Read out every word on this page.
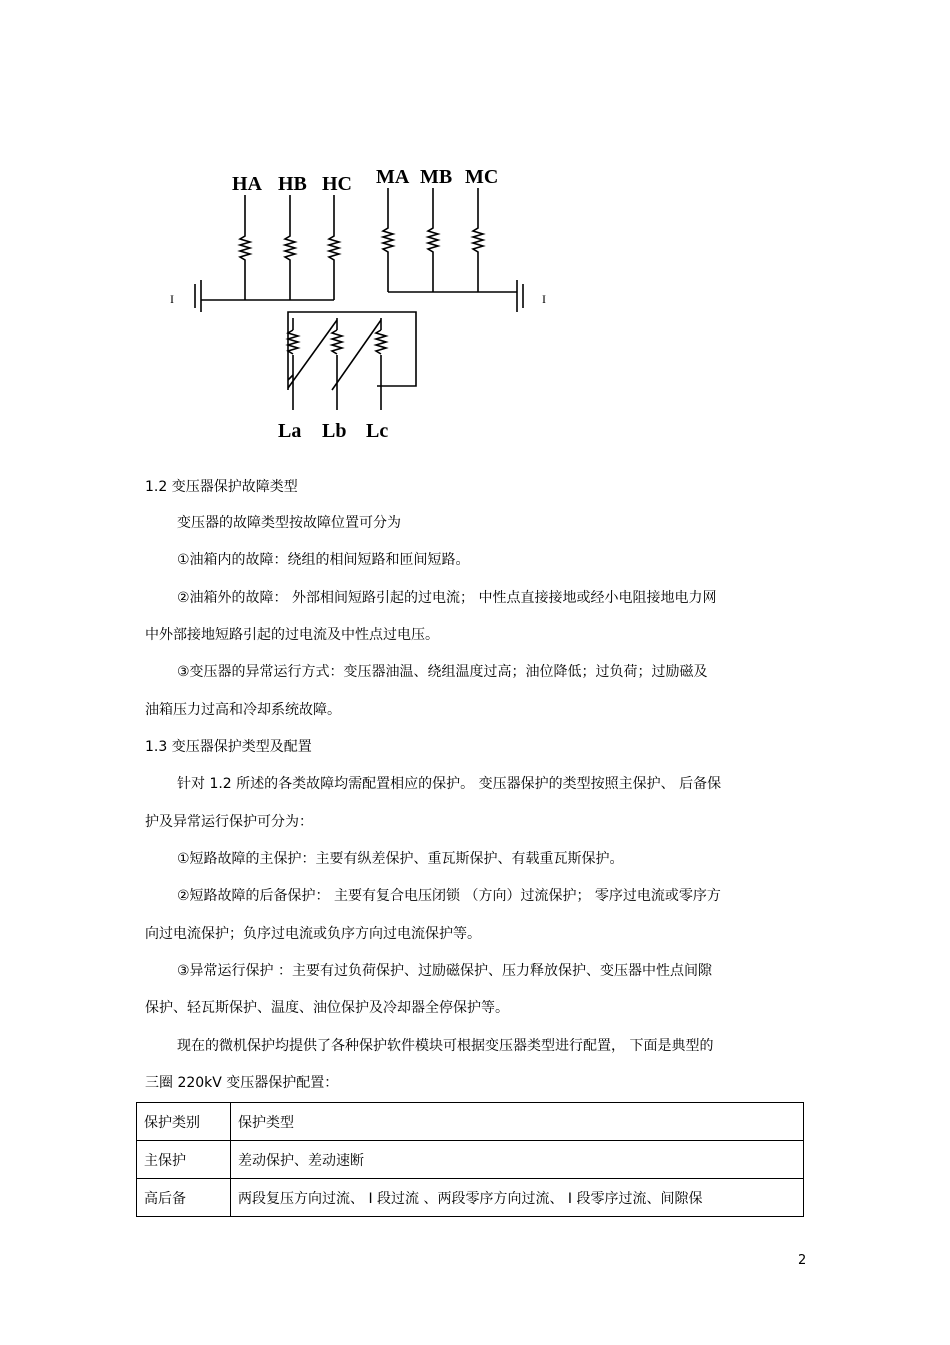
HA HB HC MA MB MC
La Lb Lc
I	I
1.2 变压器保护故障类型
变压器的故障类型按故障位置可分为
①油箱内的故障：绕组的相间短路和匝间短路。
②油箱外的故障： 外部相间短路引起的过电流； 中性点直接接地或经小电阻接地电力网
中外部接地短路引起的过电流及中性点过电压。
③变压器的异常运行方式：变压器油温、绕组温度过高；油位降低；过负荷；过励磁及
油箱压力过高和冷却系统故障。
1.3 变压器保护类型及配置
针对 1.2 所述的各类故障均需配置相应的保护。 变压器保护的类型按照主保护、 后备保
护及异常运行保护可分为：
①短路故障的主保护：主要有纵差保护、重瓦斯保护、有载重瓦斯保护。
②短路故障的后备保护： 主要有复合电压闭锁 （方向）过流保护； 零序过电流或零序方
向过电流保护；负序过电流或负序方向过电流保护等。
③异常运行保护 ：主要有过负荷保护、过励磁保护、压力释放保护、变压器中性点间隙
保护、轻瓦斯保护、温度、油位保护及冷却器全停保护等。
现在的微机保护均提供了各种保护软件模块可根据变压器类型进行配置， 下面是典型的
三圈 220kV 变压器保护配置：
保护类别	保护类型
主保护	差动保护、差动速断
高后备	两段复压方向过流、 Ⅰ 段过流 、两段零序方向过流、 Ⅰ 段零序过流、间隙保
2
